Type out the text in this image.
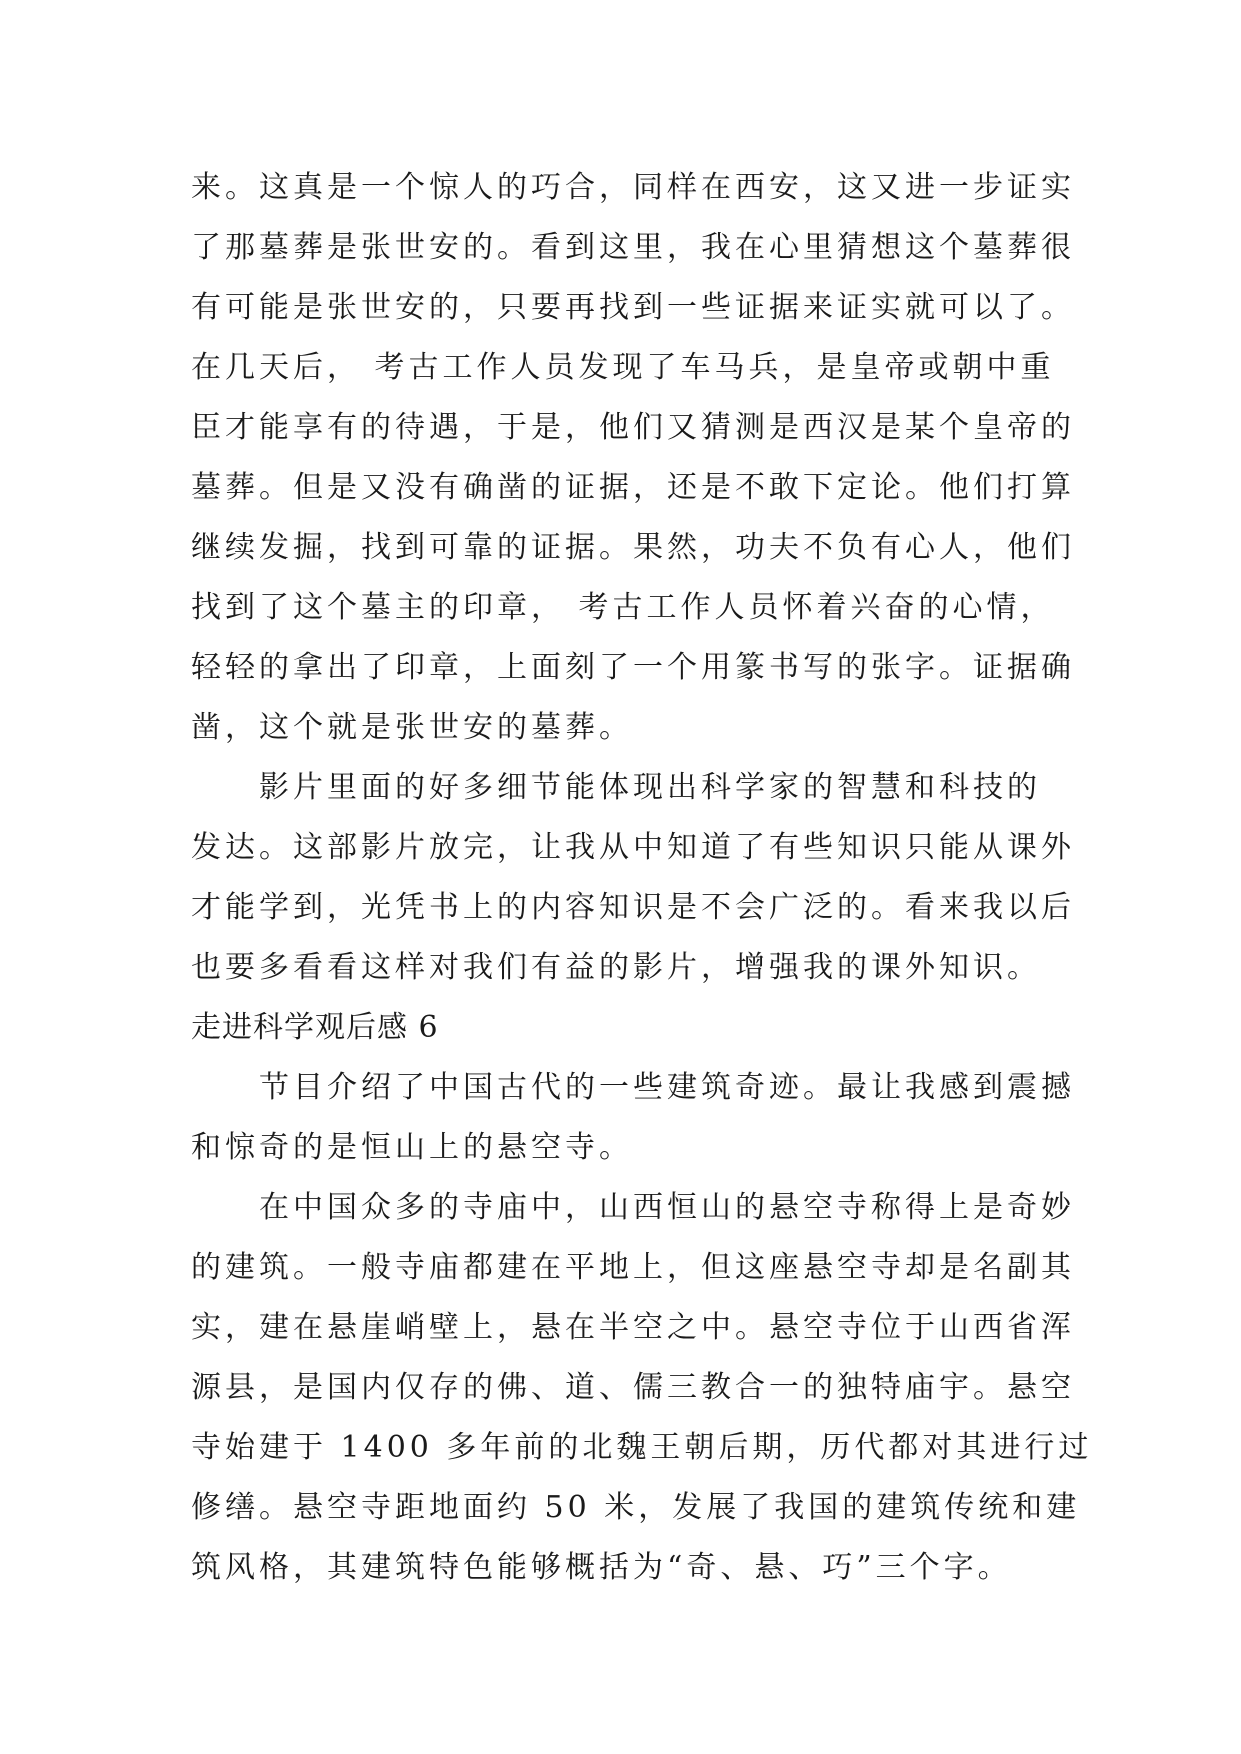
来。这真是一个惊人的巧合，同样在西安，这又进一步证实
了那墓葬是张世安的。看到这里，我在心里猜想这个墓葬很
有可能是张世安的，只要再找到一些证据来证实就可以了。
在几天后， 考古工作人员发现了车马兵，是皇帝或朝中重
臣才能享有的待遇，于是，他们又猜测是西汉是某个皇帝的
墓葬。但是又没有确凿的证据，还是不敢下定论。他们打算
继续发掘，找到可靠的证据。果然，功夫不负有心人，他们
找到了这个墓主的印章， 考古工作人员怀着兴奋的心情，
轻轻的拿出了印章，上面刻了一个用篆书写的张字。证据确
凿，这个就是张世安的墓葬。
影片里面的好多细节能体现出科学家的智慧和科技的
发达。这部影片放完，让我从中知道了有些知识只能从课外
才能学到，光凭书上的内容知识是不会广泛的。看来我以后
也要多看看这样对我们有益的影片，增强我的课外知识。
走进科学观后感 6
节目介绍了中国古代的一些建筑奇迹。最让我感到震撼
和惊奇的是恒山上的悬空寺。
在中国众多的寺庙中，山西恒山的悬空寺称得上是奇妙
的建筑。一般寺庙都建在平地上，但这座悬空寺却是名副其
实，建在悬崖峭壁上，悬在半空之中。悬空寺位于山西省浑
源县，是国内仅存的佛、道、儒三教合一的独特庙宇。悬空
寺始建于 1400 多年前的北魏王朝后期，历代都对其进行过
修缮。悬空寺距地面约 50 米，发展了我国的建筑传统和建
筑风格，其建筑特色能够概括为“奇、悬、巧”三个字。
